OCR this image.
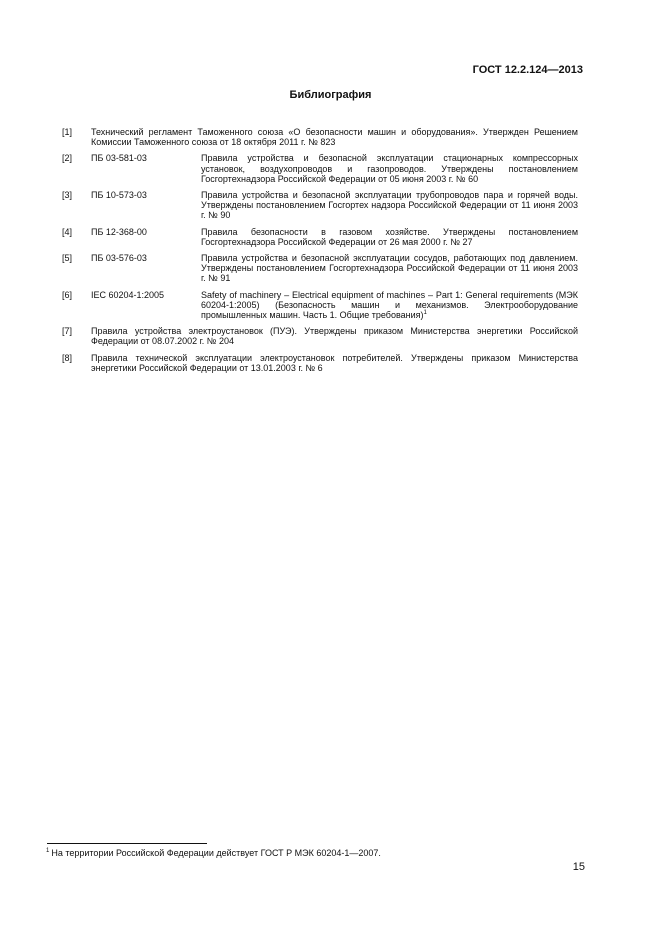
ГОСТ 12.2.124—2013
Библиография
[1] Технический регламент Таможенного союза «О безопасности машин и оборудования». Утвержден Решением Комиссии Таможенного союза от 18 октября 2011 г. № 823
[2] ПБ 03-581-03	Правила устройства и безопасной эксплуатации стационарных компрессорных установок, воздухопроводов и газопроводов. Утверждены постановлением Госгортехнадзора Российской Федерации от 05 июня 2003 г. № 60
[3] ПБ 10-573-03	Правила устройства и безопасной эксплуатации трубопроводов пара и горячей воды. Утверждены постановлением Госгортех надзора Российской Федерации от 11 июня 2003 г. № 90
[4] ПБ 12-368-00	Правила безопасности в газовом хозяйстве. Утверждены постановлением Госгортехнадзора Российской Федерации от 26 мая 2000 г. № 27
[5] ПБ 03-576-03	Правила устройства и безопасной эксплуатации сосудов, работающих под давлением. Утверждены постановлением Госгортехнадзора Российской Федерации от 11 июня 2003 г. № 91
[6] IEC 60204-1:2005	Safety of machinery – Electrical equipment of machines – Part 1: General requirements (МЭК 60204-1:2005) (Безопасность машин и механизмов. Электрооборудование промышленных машин. Часть 1. Общие требования)$^1$
[7] Правила устройства электроустановок (ПУЭ). Утверждены приказом Министерства энергетики Российской Федерации от 08.07.2002 г. № 204
[8] Правила технической эксплуатации электроустановок потребителей. Утверждены приказом Министерства энергетики Российской Федерации от 13.01.2003 г. № 6
$^1$ На территории Российской Федерации действует ГОСТ Р МЭК 60204-1—2007.
15
